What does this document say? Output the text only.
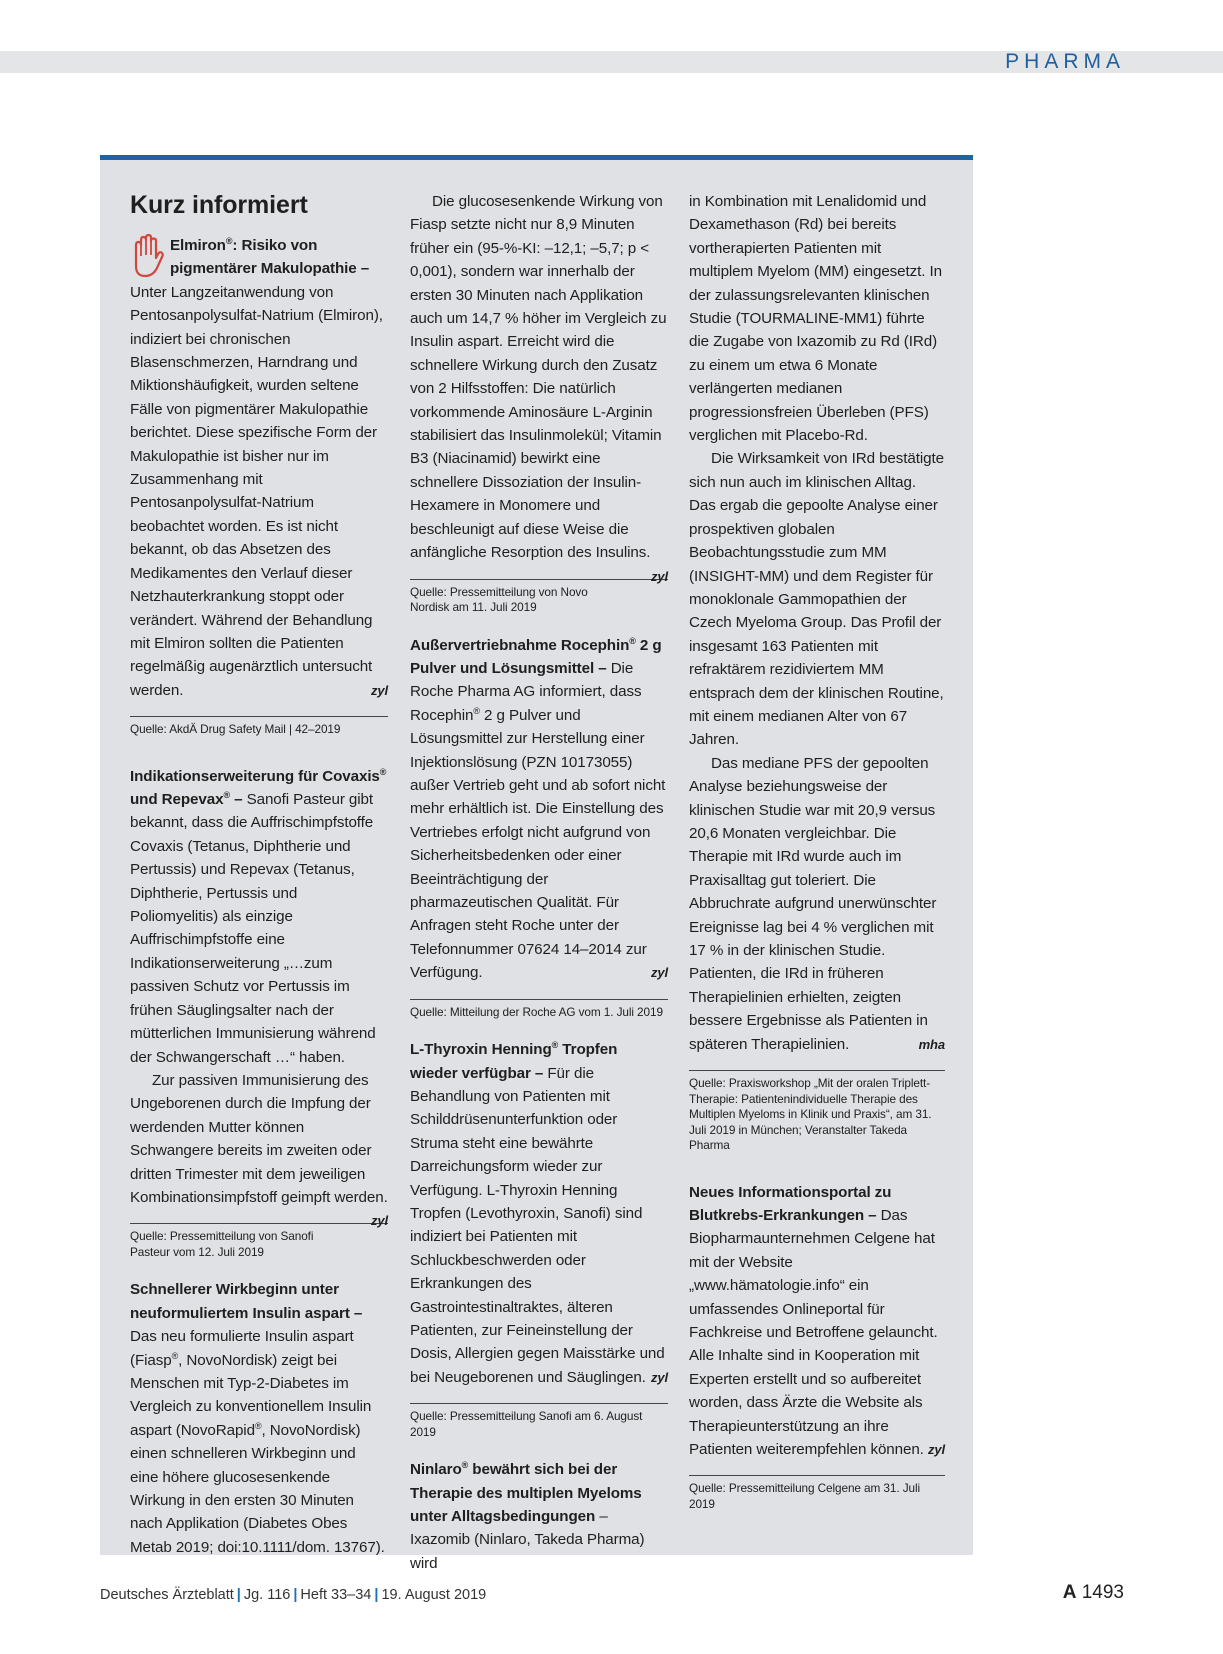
PHARMA
Kurz informiert

Elmiron®: Risiko von pigmentärer Makulopathie – Unter Langzeitanwendung von Pentosanpolysulfat-Natrium (Elmiron), indiziert bei chronischen Blasenschmerzen, Harndrang und Miktionshäufigkeit, wurden seltene Fälle von pigmentärer Makulopathie berichtet. Diese spezifische Form der Makulopathie ist bisher nur im Zusammenhang mit Pentosanpolysulfat-Natrium beobachtet worden. Es ist nicht bekannt, ob das Absetzen des Medikamentes den Verlauf dieser Netzhauterkrankung stoppt oder verändert. Während der Behandlung mit Elmiron sollten die Patienten regelmäßig augenärztlich untersucht werden.	zyl

Quelle: AkdÄ Drug Safety Mail | 42–2019

Indikationserweiterung für Covaxis® und Repevax® – Sanofi Pasteur gibt bekannt, dass die Auffrischimpfstoffe Covaxis (Tetanus, Diphtherie und Pertussis) und Repevax (Tetanus, Diphtherie, Pertussis und Poliomyelitis) als einzige Auffrischimpfstoffe eine Indikationserweiterung „…zum passiven Schutz vor Pertussis im frühen Säuglingsalter nach der mütterlichen Immunisierung während der Schwangerschaft …“ haben.

Zur passiven Immunisierung des Ungeborenen durch die Impfung der werdenden Mutter können Schwangere bereits im zweiten oder dritten Trimester mit dem jeweiligen Kombinationsimpfstoff geimpft werden.
zyl

Quelle: Pressemitteilung von Sanofi Pasteur vom 12. Juli 2019

Schnellerer Wirkbeginn unter neuformuliertem Insulin aspart – Das neu formulierte Insulin aspart (Fiasp®, NovoNordisk) zeigt bei Menschen mit Typ-2-Diabetes im Vergleich zu konventionellem Insulin aspart (NovoRapid®, NovoNordisk) einen schnelleren Wirkbeginn und eine höhere glucosesenkende Wirkung in den ersten 30 Minuten nach Applikation (Diabetes Obes Metab 2019; doi:10.1111/dom. 13767).

Die glucosesenkende Wirkung von Fiasp setzte nicht nur 8,9 Minuten früher ein (95-%-KI: –12,1; –5,7; p < 0,001), sondern war innerhalb der ersten 30 Minuten nach Applikation auch um 14,7 % höher im Vergleich zu Insulin aspart. Erreicht wird die schnellere Wirkung durch den Zusatz von 2 Hilfsstoffen: Die natürlich vorkommende Aminosäure L-Arginin stabilisiert das Insulinmolekül; Vitamin B3 (Niacinamid) bewirkt eine schnellere Dissoziation der Insulin-Hexamere in Monomere und beschleunigt auf diese Weise die anfängliche Resorption des Insulins.
zyl

Quelle: Pressemitteilung von Novo Nordisk am 11. Juli 2019

Außervertriebnahme Rocephin® 2 g Pulver und Lösungsmittel – Die Roche Pharma AG informiert, dass Rocephin® 2 g Pulver und Lösungsmittel zur Herstellung einer Injektionslösung (PZN 10173055) außer Vertrieb geht und ab sofort nicht mehr erhältlich ist. Die Einstellung des Vertriebes erfolgt nicht aufgrund von Sicherheitsbedenken oder einer Beeinträchtigung der pharmazeutischen Qualität. Für Anfragen steht Roche unter der Telefonnummer 07624 14–2014 zur Verfügung.	zyl

Quelle: Mitteilung der Roche AG vom 1. Juli 2019

L-Thyroxin Henning® Tropfen wieder verfügbar – Für die Behandlung von Patienten mit Schilddrüsenunterfunktion oder Struma steht eine bewährte Darreichungsform wieder zur Verfügung. L-Thyroxin Henning Tropfen (Levothyroxin, Sanofi) sind indiziert bei Patienten mit Schluckbeschwerden oder Erkrankungen des Gastrointestinaltraktes, älteren Patienten, zur Feineinstellung der Dosis, Allergien gegen Maisstärke und bei Neugeborenen und Säuglingen. zyl

Quelle: Pressemitteilung Sanofi am 6. August 2019

Ninlaro® bewährt sich bei der Therapie des multiplen Myeloms unter Alltagsbedingungen – Ixazomib (Ninlaro, Takeda Pharma) wird

in Kombination mit Lenalidomid und Dexamethason (Rd) bei bereits vortherapierten Patienten mit multiplem Myelom (MM) eingesetzt. In der zulassungsrelevanten klinischen Studie (TOURMALINE-MM1) führte die Zugabe von Ixazomib zu Rd (IRd) zu einem um etwa 6 Monate verlängerten medianen progressionsfreien Überleben (PFS) verglichen mit Placebo-Rd.

Die Wirksamkeit von IRd bestätigte sich nun auch im klinischen Alltag. Das ergab die gepoolte Analyse einer prospektiven globalen Beobachtungsstudie zum MM (INSIGHT-MM) und dem Register für monoklonale Gammopathien der Czech Myeloma Group. Das Profil der insgesamt 163 Patienten mit refraktärem rezidiviertem MM entsprach dem der klinischen Routine, mit einem medianen Alter von 67 Jahren.

Das mediane PFS der gepoolten Analyse beziehungsweise der klinischen Studie war mit 20,9 versus 20,6 Monaten vergleichbar. Die Therapie mit IRd wurde auch im Praxisalltag gut toleriert. Die Abbruchrate aufgrund unerwünschter Ereignisse lag bei 4 % verglichen mit 17 % in der klinischen Studie. Patienten, die IRd in früheren Therapielinien erhielten, zeigten bessere Ergebnisse als Patienten in späteren Therapielinien.	mha

Quelle: Praxisworkshop „Mit der oralen Triplett-Therapie: Patientenindividuelle Therapie des Multiplen Myeloms in Klinik und Praxis“, am 31. Juli 2019 in München; Veranstalter Takeda Pharma

Neues Informationsportal zu Blutkrebs-Erkrankungen – Das Biopharmaunternehmen Celgene hat mit der Website „www.hämatologie.info“ ein umfassendes Onlineportal für Fachkreise und Betroffene gelauncht. Alle Inhalte sind in Kooperation mit Experten erstellt und so aufbereitet worden, dass Ärzte die Website als Therapieunterstützung an ihre Patienten weiterempfehlen können. zyl

Quelle: Pressemitteilung Celgene am 31. Juli 2019
Deutsches Ärzteblatt | Jg. 116 | Heft 33–34 | 19. August 2019	A 1493
